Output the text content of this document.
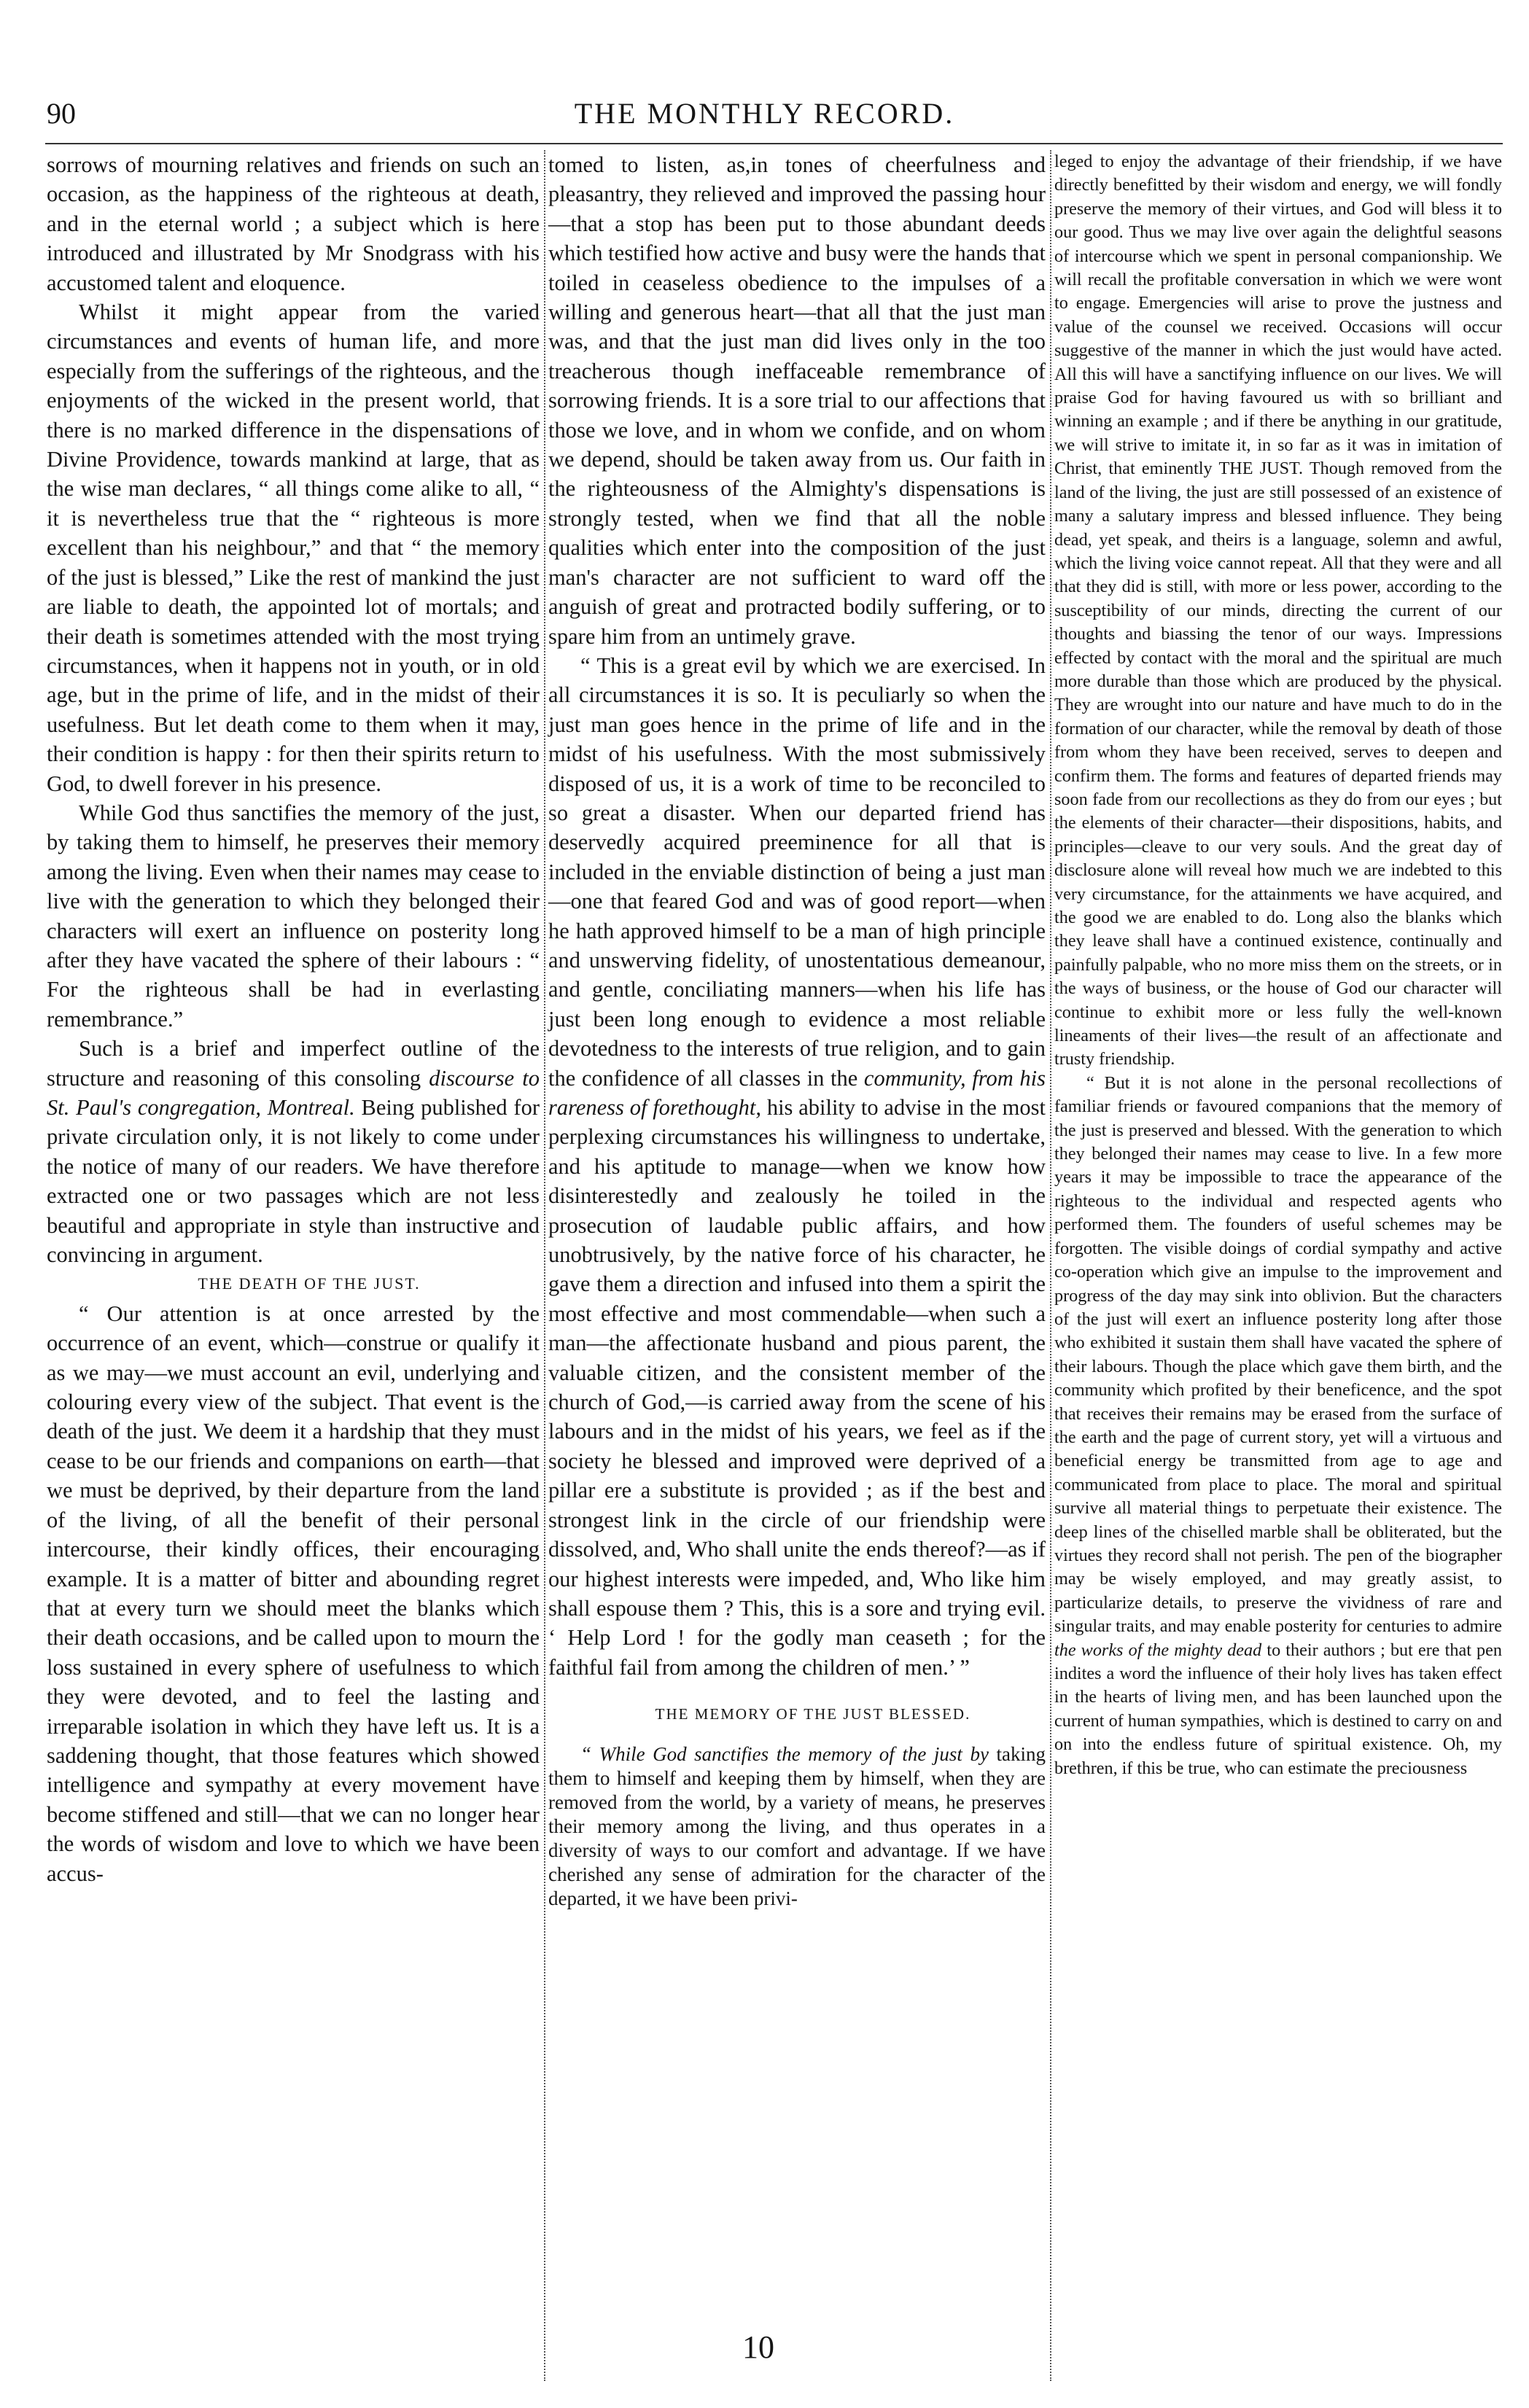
90	THE MONTHLY RECORD.

sorrows of mourning relatives and friends on such an occasion, as the happiness of the righteous at death, and in the eternal world ; a subject which is here introduced and illustrated by Mr Snodgrass with his accustomed talent and eloquence.

Whilst it might appear from the varied circumstances and events of human life, and more especially from the sufferings of the righteous, and the enjoyments of the wicked in the present world, that there is no marked difference in the dispensations of Divine Providence, towards mankind at large, that as the wise man declares, “ all things come alike to all, “ it is nevertheless true that the “ righteous is more excellent than his neighbour,” and that “ the memory of the just is blessed,” Like the rest of mankind the just are liable to death, the appointed lot of mortals; and their death is sometimes attended with the most trying circumstances, when it happens not in youth, or in old age, but in the prime of life, and in the midst of their usefulness. But let death come to them when it may, their condition is happy : for then their spirits return to God, to dwell forever in his presence.

While God thus sanctifies the memory of the just, by taking them to himself, he preserves their memory among the living. Even when their names may cease to live with the generation to which they belonged their characters will exert an influence on posterity long after they have vacated the sphere of their labours : “ For the righteous shall be had in everlasting remembrance.”

Such is a brief and imperfect outline of the structure and reasoning of this consoling discourse to St. Paul's congregation, Montreal. Being published for private circulation only, it is not likely to come under the notice of many of our readers. We have therefore extracted one or two passages which are not less beautiful and appropriate in style than instructive and convincing in argument.

THE DEATH OF THE JUST.

“ Our attention is at once arrested by the occurrence of an event, which—construe or qualify it as we may—we must account an evil, underlying and colouring every view of the subject. That event is the death of the just. We deem it a hardship that they must cease to be our friends and companions on earth—that we must be deprived, by their departure from the land of the living, of all the benefit of their personal intercourse, their kindly offices, their encouraging example. It is a matter of bitter and abounding regret that at every turn we should meet the blanks which their death occasions, and be called upon to mourn the loss sustained in every sphere of usefulness to which they were devoted, and to feel the lasting and irreparable isolation in which they have left us. It is a saddening thought, that those features which showed intelligence and sympathy at every movement have become stiffened and still—that we can no longer hear the words of wisdom and love to which we have been accus-

tomed to listen, as,in tones of cheerfulness and pleasantry, they relieved and improved the passing hour—that a stop has been put to those abundant deeds which testified how active and busy were the hands that toiled in ceaseless obedience to the impulses of a willing and generous heart—that all that the just man was, and that the just man did lives only in the too treacherous though ineffaceable remembrance of sorrowing friends. It is a sore trial to our affections that those we love, and in whom we confide, and on whom we depend, should be taken away from us. Our faith in the righteousness of the Almighty's dispensations is strongly tested, when we find that all the noble qualities which enter into the composition of the just man's character are not sufficient to ward off the anguish of great and protracted bodily suffering, or to spare him from an untimely grave.

“ This is a great evil by which we are exercised. In all circumstances it is so. It is peculiarly so when the just man goes hence in the prime of life and in the midst of his usefulness. With the most submissively disposed of us, it is a work of time to be reconciled to so great a disaster. When our departed friend has deservedly acquired preeminence for all that is included in the enviable distinction of being a just man—one that feared God and was of good report—when he hath approved himself to be a man of high principle and unswerving fidelity, of unostentatious demeanour, and gentle, conciliating manners—when his life has just been long enough to evidence a most reliable devotedness to the interests of true religion, and to gain the confidence of all classes in the community, from his rareness of forethought, his ability to advise in the most perplexing circumstances his willingness to undertake, and his aptitude to manage—when we know how disinterestedly and zealously he toiled in the prosecution of laudable public affairs, and how unobtrusively, by the native force of his character, he gave them a direction and infused into them a spirit the most effective and most commendable—when such a man—the affectionate husband and pious parent, the valuable citizen, and the consistent member of the church of God,—is carried away from the scene of his labours and in the midst of his years, we feel as if the society he blessed and improved were deprived of a pillar ere a substitute is provided ; as if the best and strongest link in the circle of our friendship were dissolved, and, Who shall unite the ends thereof?—as if our highest interests were impeded, and, Who like him shall espouse them ? This, this is a sore and trying evil. ‘ Help Lord ! for the godly man ceaseth ; for the faithful fail from among the children of men.’ ”

THE MEMORY OF THE JUST BLESSED.

“ While God sanctifies the memory of the just by taking them to himself and keeping them by himself, when they are removed from the world, by a variety of means, he preserves their memory among the living, and thus operates in a diversity of ways to our comfort and advantage. If we have cherished any sense of admiration for the character of the departed, it we have been privi-

leged to enjoy the advantage of their friendship, if we have directly benefitted by their wisdom and energy, we will fondly preserve the memory of their virtues, and God will bless it to our good. Thus we may live over again the delightful seasons of intercourse which we spent in personal companionship. We will recall the profitable conversation in which we were wont to engage. Emergencies will arise to prove the justness and value of the counsel we received. Occasions will occur suggestive of the manner in which the just would have acted. All this will have a sanctifying influence on our lives. We will praise God for having favoured us with so brilliant and winning an example ; and if there be anything in our gratitude, we will strive to imitate it, in so far as it was in imitation of Christ, that eminently THE JUST. Though removed from the land of the living, the just are still possessed of an existence of many a salutary impress and blessed influence. They being dead, yet speak, and theirs is a language, solemn and awful, which the living voice cannot repeat. All that they were and all that they did is still, with more or less power, according to the susceptibility of our minds, directing the current of our thoughts and biassing the tenor of our ways. Impressions effected by contact with the moral and the spiritual are much more durable than those which are produced by the physical. They are wrought into our nature and have much to do in the formation of our character, while the removal by death of those from whom they have been received, serves to deepen and confirm them. The forms and features of departed friends may soon fade from our recollections as they do from our eyes ; but the elements of their character—their dispositions, habits, and principles—cleave to our very souls. And the great day of disclosure alone will reveal how much we are indebted to this very circumstance, for the attainments we have acquired, and the good we are enabled to do. Long also the blanks which they leave shall have a continued existence, continually and painfully palpable, who no more miss them on the streets, or in the ways of business, or the house of God our character will continue to exhibit more or less fully the well-known lineaments of their lives—the result of an affectionate and trusty friendship.

“ But it is not alone in the personal recollections of familiar friends or favoured companions that the memory of the just is preserved and blessed. With the generation to which they belonged their names may cease to live. In a few more years it may be impossible to trace the appearance of the righteous to the individual and respected agents who performed them. The founders of useful schemes may be forgotten. The visible doings of cordial sympathy and active co-operation which give an impulse to the improvement and progress of the day may sink into oblivion. But the characters of the just will exert an influence posterity long after those who exhibited it sustain them shall have vacated the sphere of their labours. Though the place which gave them birth, and the community which profited by their beneficence, and the spot that receives their remains may be erased from the surface of the earth and the page of current story, yet will a virtuous and beneficial energy be transmitted from age to age and communicated from place to place. The moral and spiritual survive all material things to perpetuate their existence. The deep lines of the chiselled marble shall be obliterated, but the virtues they record shall not perish. The pen of the biographer may be wisely employed, and may greatly assist, to particularize details, to preserve the vividness of rare and singular traits, and may enable posterity for centuries to admire the works of the mighty dead to their authors ; but ere that pen indites a word the influence of their holy lives has taken effect in the hearts of living men, and has been launched upon the current of human sympathies, which is destined to carry on and on into the endless future of spiritual existence. Oh, my brethren, if this be true, who can estimate the preciousness

10
